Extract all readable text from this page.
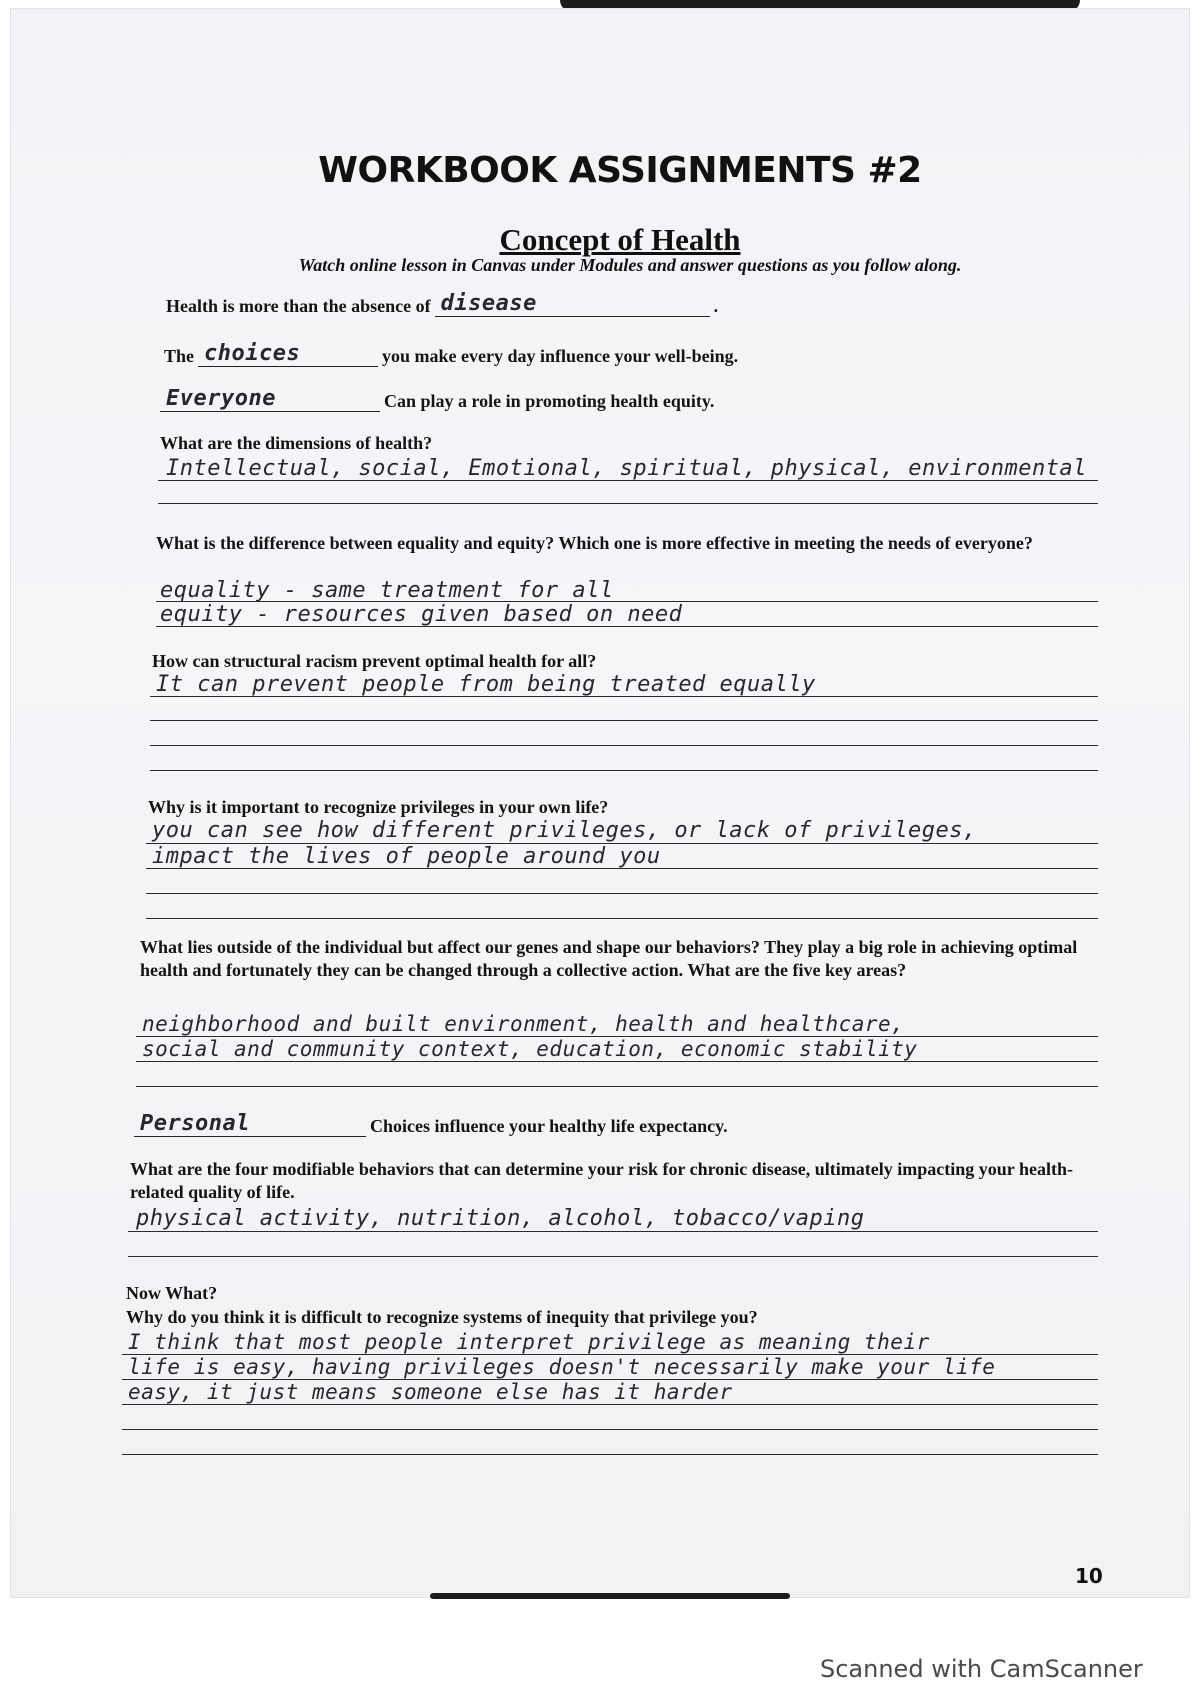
WORKBOOK ASSIGNMENTS #2
Concept of Health
Watch online lesson in Canvas under Modules and answer questions as you follow along.
Health is more than the absence of disease	.
The choices	you make every day influence your well-being.
Everyone	Can play a role in promoting health equity.
What are the dimensions of health?
Intellectual, social, Emotional, spiritual, physical, environmental
What is the difference between equality and equity? Which one is more effective in meeting the needs of everyone?
equality - same treatment for all
equity - resources given based on need
How can structural racism prevent optimal health for all?
It can prevent people from being treated equally
Why is it important to recognize privileges in your own life?
you can see how different privileges, or lack of privileges,
impact the lives of people around you
What lies outside of the individual but affect our genes and shape our behaviors? They play a big role in achieving optimal health and fortunately they can be changed through a collective action. What are the five key areas?
neighborhood and built environment, health and healthcare,
social and community context, education, economic stability
Personal	Choices influence your healthy life expectancy.
What are the four modifiable behaviors that can determine your risk for chronic disease, ultimately impacting your health-related quality of life.
physical activity, nutrition, alcohol, tobacco/vaping
Now What?
Why do you think it is difficult to recognize systems of inequity that privilege you?
I think that most people interpret privilege as meaning their
life is easy, having privileges doesn't necessarily make your life
easy, it just means someone else has it harder
10
Scanned with CamScanner
